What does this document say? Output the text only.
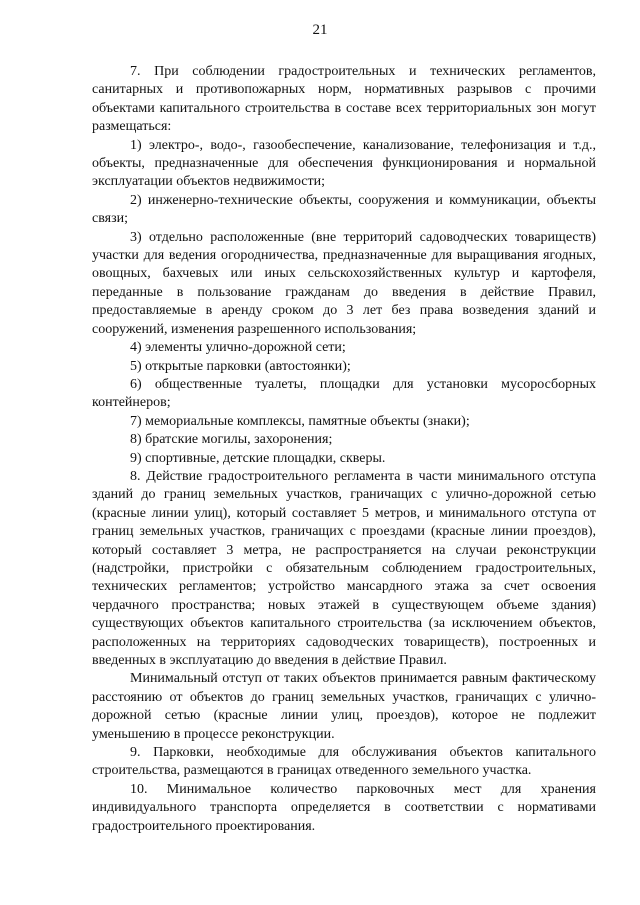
21

7. При соблюдении градостроительных и технических регламентов, санитарных и противопожарных норм, нормативных разрывов с прочими объектами капитального строительства в составе всех территориальных зон могут размещаться:

1) электро-, водо-, газообеспечение, канализование, телефонизация и т.д., объекты, предназначенные для обеспечения функционирования и нормальной эксплуатации объектов недвижимости;

2) инженерно-технические объекты, сооружения и коммуникации, объекты связи;

3) отдельно расположенные (вне территорий садоводческих товариществ) участки для ведения огородничества, предназначенные для выращивания ягодных, овощных, бахчевых или иных сельскохозяйственных культур и картофеля, переданные в пользование гражданам до введения в действие Правил, предоставляемые в аренду сроком до 3 лет без права возведения зданий и сооружений, изменения разрешенного использования;

4) элементы улично-дорожной сети;

5) открытые парковки (автостоянки);

6) общественные туалеты, площадки для установки мусоросборных контейнеров;

7) мемориальные комплексы, памятные объекты (знаки);

8) братские могилы, захоронения;

9) спортивные, детские площадки, скверы.

8. Действие градостроительного регламента в части минимального отступа зданий до границ земельных участков, граничащих с улично-дорожной сетью (красные линии улиц), который составляет 5 метров, и минимального отступа от границ земельных участков, граничащих с проездами (красные линии проездов), который составляет 3 метра, не распространяется на случаи реконструкции (надстройки, пристройки с обязательным соблюдением градостроительных, технических регламентов; устройство мансардного этажа за счет освоения чердачного пространства; новых этажей в существующем объеме здания) существующих объектов капитального строительства (за исключением объектов, расположенных на территориях садоводческих товариществ), построенных и введенных в эксплуатацию до введения в действие Правил.

Минимальный отступ от таких объектов принимается равным фактическому расстоянию от объектов до границ земельных участков, граничащих с улично-дорожной сетью (красные линии улиц, проездов), которое не подлежит уменьшению в процессе реконструкции.

9. Парковки, необходимые для обслуживания объектов капитального строительства, размещаются в границах отведенного земельного участка.

10. Минимальное количество парковочных мест для хранения индивидуального транспорта определяется в соответствии с нормативами градостроительного проектирования.
